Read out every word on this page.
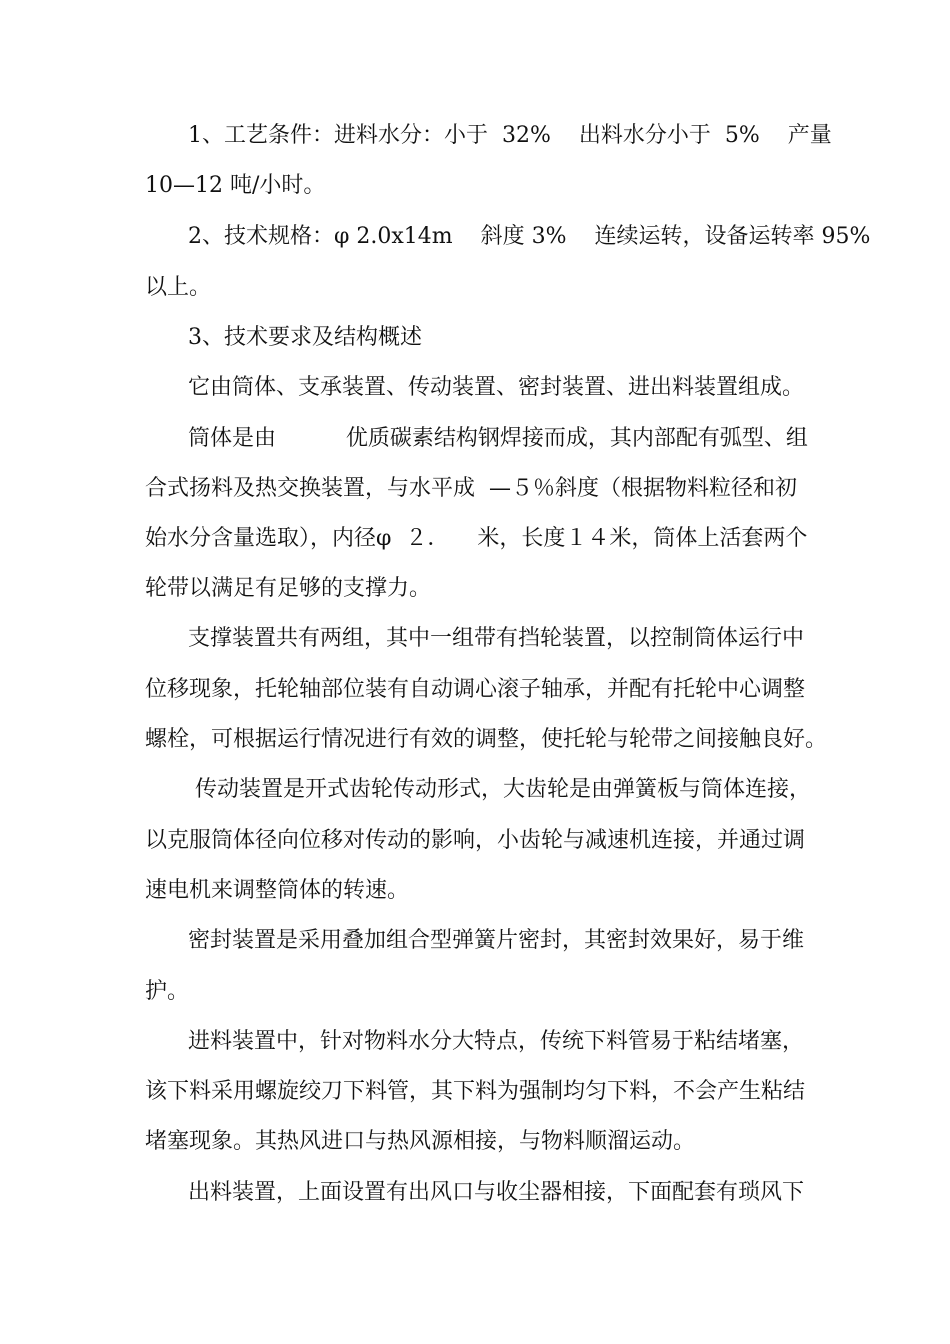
1、工艺条件：进料水分：小于  32%    出料水分小于  5%    产量
10—12 吨/小时。
2、技术规格：φ 2.0x14m    斜度 3%    连续运转，设备运转率 95%
以上。
3、技术要求及结构概述
它由筒体、支承装置、传动装置、密封装置、进出料装置组成。
筒体是由          优质碳素结构钢焊接而成，其内部配有弧型、组
合式扬料及热交换装置，与水平成  —５％斜度（根据物料粒径和初
始水分含量选取），内径φ  ２．    米，长度１４米，筒体上活套两个
轮带以满足有足够的支撑力。
支撑装置共有两组，其中一组带有挡轮装置，以控制筒体运行中
位移现象，托轮轴部位装有自动调心滚子轴承，并配有托轮中心调整
螺栓，可根据运行情况进行有效的调整，使托轮与轮带之间接触良好。
传动装置是开式齿轮传动形式，大齿轮是由弹簧板与筒体连接，
以克服筒体径向位移对传动的影响，小齿轮与减速机连接，并通过调
速电机来调整筒体的转速。
密封装置是采用叠加组合型弹簧片密封，其密封效果好，易于维
护。
进料装置中，针对物料水分大特点，传统下料管易于粘结堵塞，
该下料采用螺旋绞刀下料管，其下料为强制均匀下料，不会产生粘结
堵塞现象。其热风进口与热风源相接，与物料顺溜运动。
出料装置，上面设置有出风口与收尘器相接，下面配套有琐风下
